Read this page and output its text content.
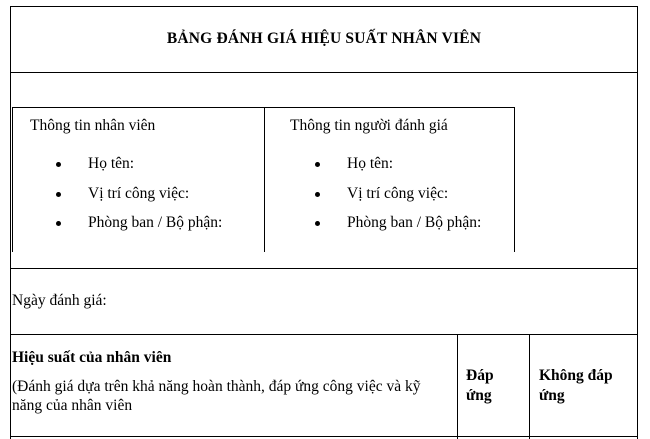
BẢNG ĐÁNH GIÁ HIỆU SUẤT NHÂN VIÊN
Thông tin nhân viên
Họ tên:
Vị trí công việc:
Phòng ban / Bộ phận:
Thông tin người đánh giá
Họ tên:
Vị trí công việc:
Phòng ban / Bộ phận:
Ngày đánh giá:
Hiệu suất của nhân viên
(Đánh giá dựa trên khả năng hoàn thành, đáp ứng công việc và kỹ năng của nhân viên
Đáp ứng
Không đáp ứng
